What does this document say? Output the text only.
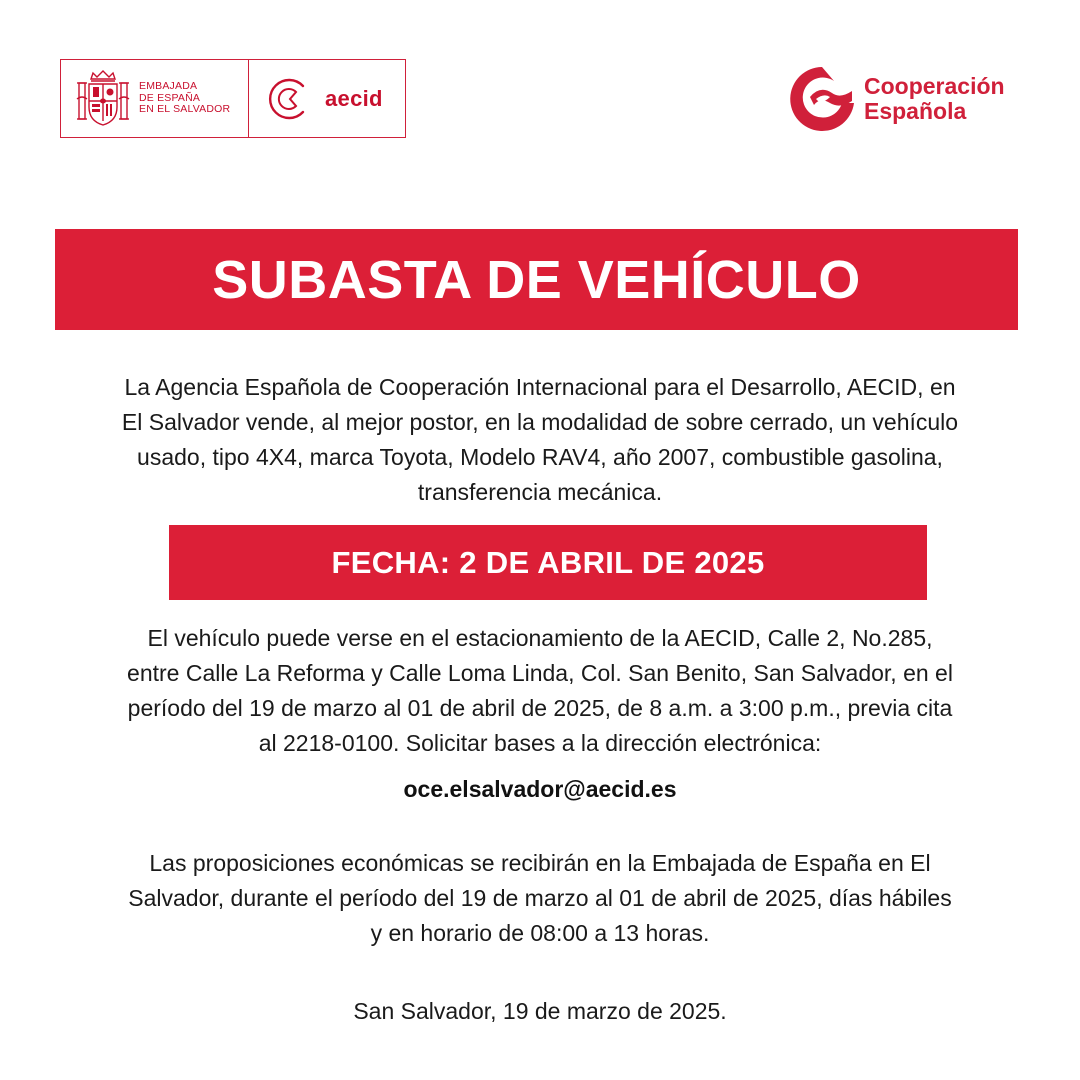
EMBAJADA
DE ESPAÑA
EN EL SALVADOR	aecid	Cooperación
Española
SUBASTA DE VEHÍCULO
La Agencia Española de Cooperación Internacional para el Desarrollo, AECID, en
El Salvador vende, al mejor postor, en la modalidad de sobre cerrado, un vehículo
usado, tipo 4X4, marca Toyota, Modelo RAV4, año 2007, combustible gasolina,
transferencia mecánica.
FECHA: 2 DE ABRIL DE 2025
El vehículo puede verse en el estacionamiento de la AECID, Calle 2, No.285,
entre Calle La Reforma y Calle Loma Linda, Col. San Benito, San Salvador, en el
período del 19 de marzo al 01 de abril de 2025, de 8 a.m. a 3:00 p.m., previa cita
al 2218-0100. Solicitar bases a la dirección electrónica:
oce.elsalvador@aecid.es
Las proposiciones económicas se recibirán en la Embajada de España en El
Salvador, durante el período del 19 de marzo al 01 de abril de 2025, días hábiles
y en horario de 08:00 a 13 horas.
San Salvador, 19 de marzo de 2025.
